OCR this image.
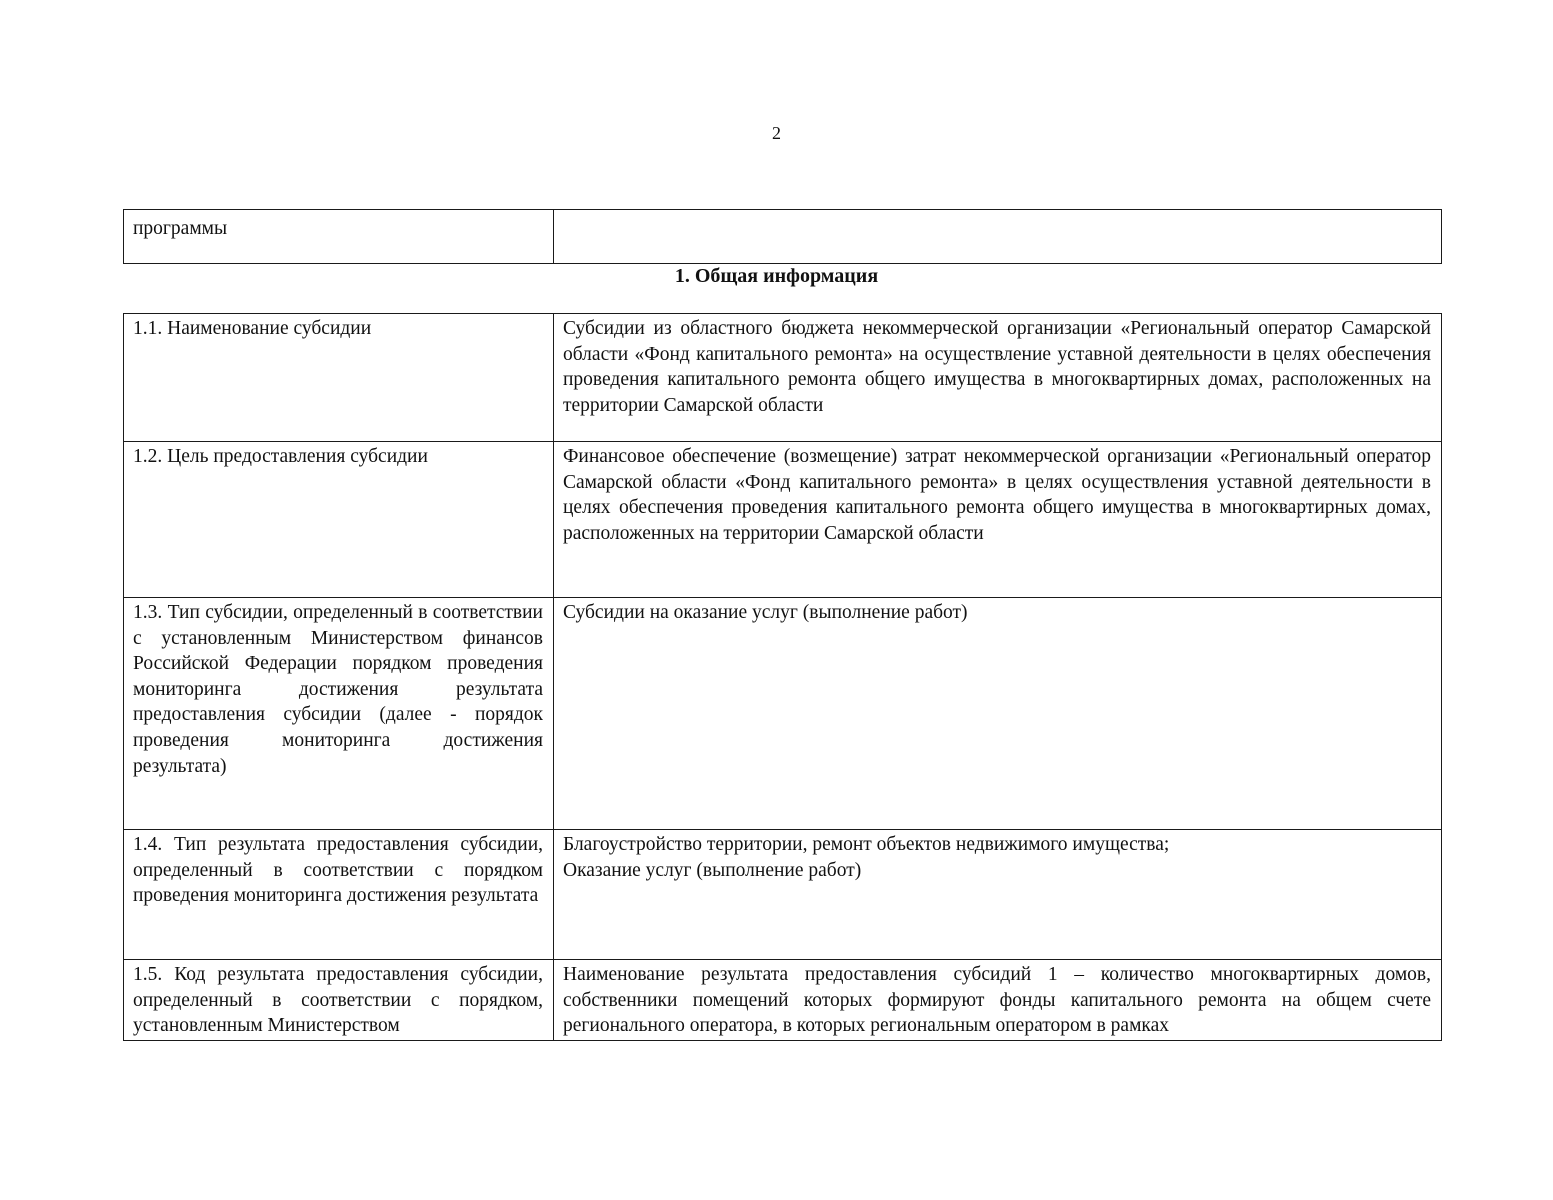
2
программы	
1. Общая информация
1.1. Наименование субсидии	Субсидии из областного бюджета некоммерческой организации «Региональный оператор Самарской области «Фонд капитального ремонта» на осуществление уставной деятельности в целях обеспечения проведения капитального ремонта общего имущества в многоквартирных домах, расположенных на территории Самарской области
1.2. Цель предоставления субсидии	Финансовое обеспечение (возмещение) затрат некоммерческой организации «Региональный оператор Самарской области «Фонд капитального ремонта» в целях осуществления уставной деятельности в целях обеспечения проведения капитального ремонта общего имущества в многоквартирных домах, расположенных на территории Самарской области
1.3. Тип субсидии, определенный в соответствии с установленным Министерством финансов Российской Федерации порядком проведения мониторинга достижения результата предоставления субсидии (далее - порядок проведения мониторинга достижения результата)	Субсидии на оказание услуг (выполнение работ)
1.4. Тип результата предоставления субсидии, определенный в соответствии с порядком проведения мониторинга достижения результата	Благоустройство территории, ремонт объектов недвижимого имущества;
Оказание услуг (выполнение работ)

1.5. Код результата предоставления субсидии, определенный в соответствии с порядком, установленным Министерством	Наименование результата предоставления субсидий 1 – количество многоквартирных домов, собственники помещений которых формируют фонды капитального ремонта на общем счете регионального оператора, в которых региональным оператором в рамках
